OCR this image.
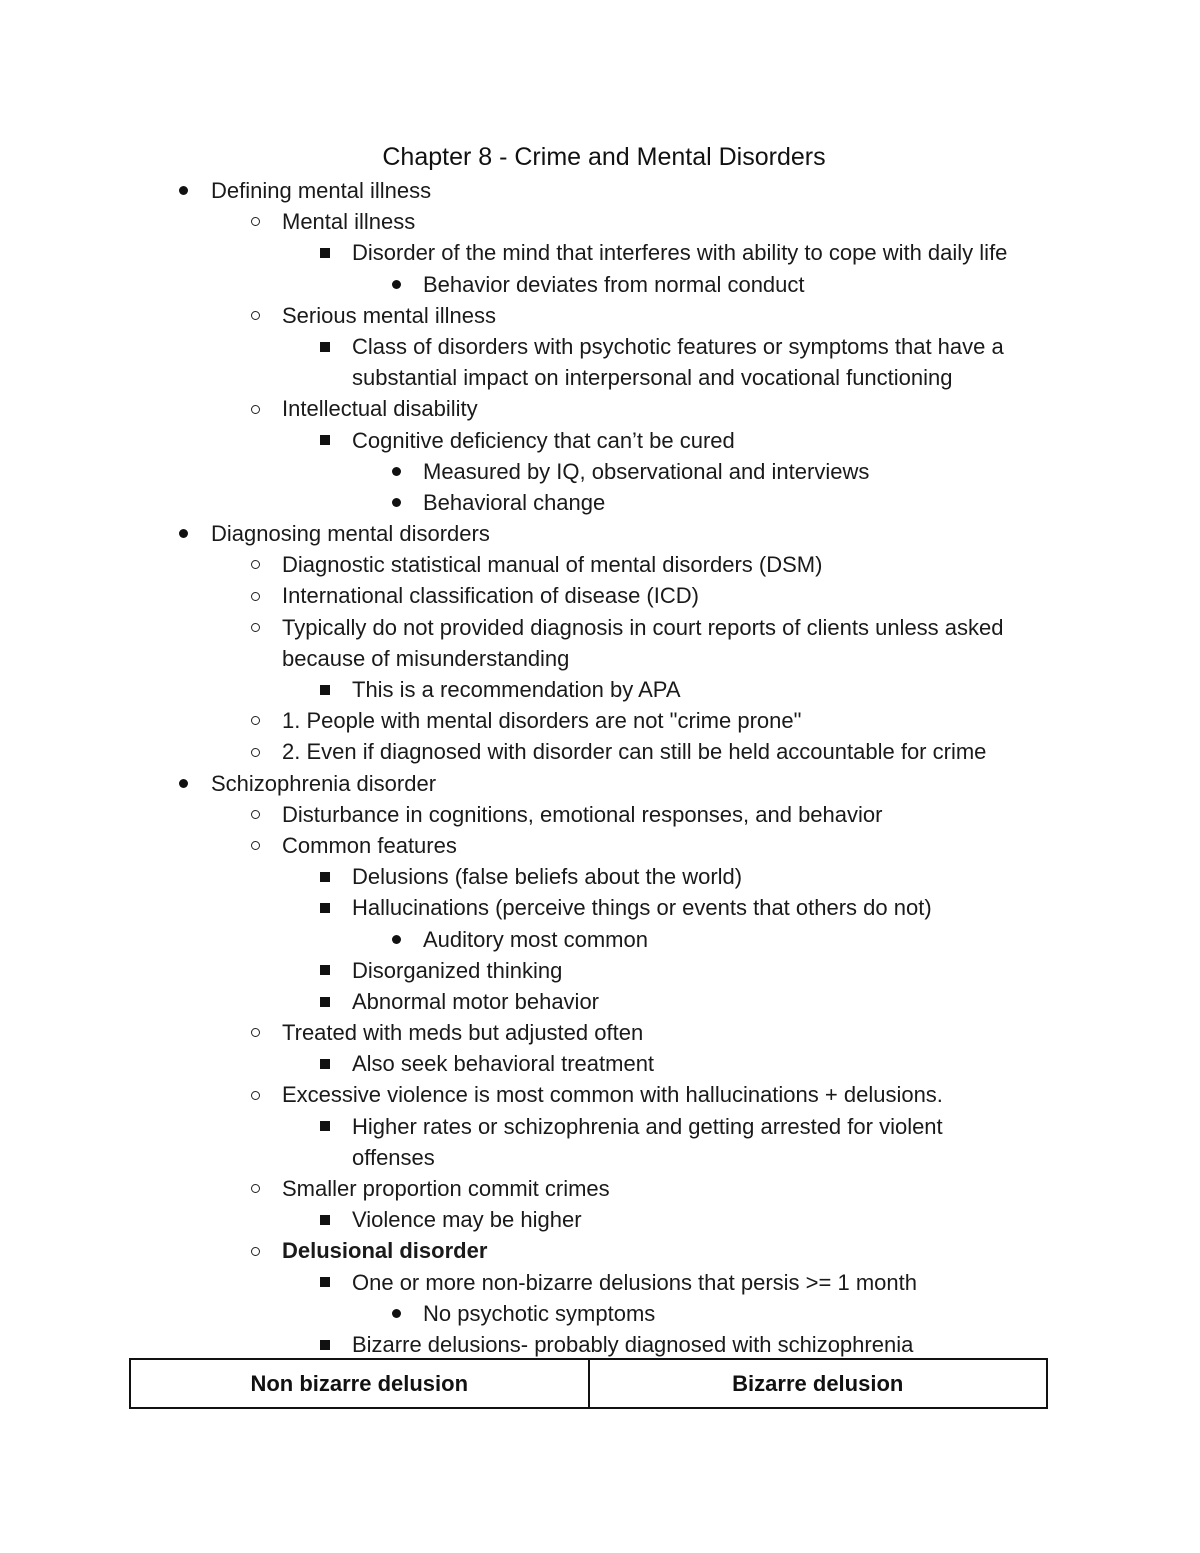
Chapter 8 - Crime and Mental Disorders
Defining mental illness
Mental illness
Disorder of the mind that interferes with ability to cope with daily life
Behavior deviates from normal conduct
Serious mental illness
Class of disorders with psychotic features or symptoms that have a substantial impact on interpersonal and vocational functioning
Intellectual disability
Cognitive deficiency that can’t be cured
Measured by IQ, observational and interviews
Behavioral change
Diagnosing mental disorders
Diagnostic statistical manual of mental disorders (DSM)
International classification of disease (ICD)
Typically do not provided diagnosis in court reports of clients unless asked because of misunderstanding
This is a recommendation by APA
1. People with mental disorders are not "crime prone"
2. Even if diagnosed with disorder can still be held accountable for crime
Schizophrenia disorder
Disturbance in cognitions, emotional responses, and behavior
Common features
Delusions (false beliefs about the world)
Hallucinations (perceive things or events that others do not)
Auditory most common
Disorganized thinking
Abnormal motor behavior
Treated with meds but adjusted often
Also seek behavioral treatment
Excessive violence is most common with hallucinations + delusions.
Higher rates or schizophrenia and getting arrested for violent offenses
Smaller proportion commit crimes
Violence may be higher
Delusional disorder
One or more non-bizarre delusions that persis >= 1 month
No psychotic symptoms
Bizarre delusions- probably diagnosed with schizophrenia
Non bizarre delusion	Bizarre delusion
